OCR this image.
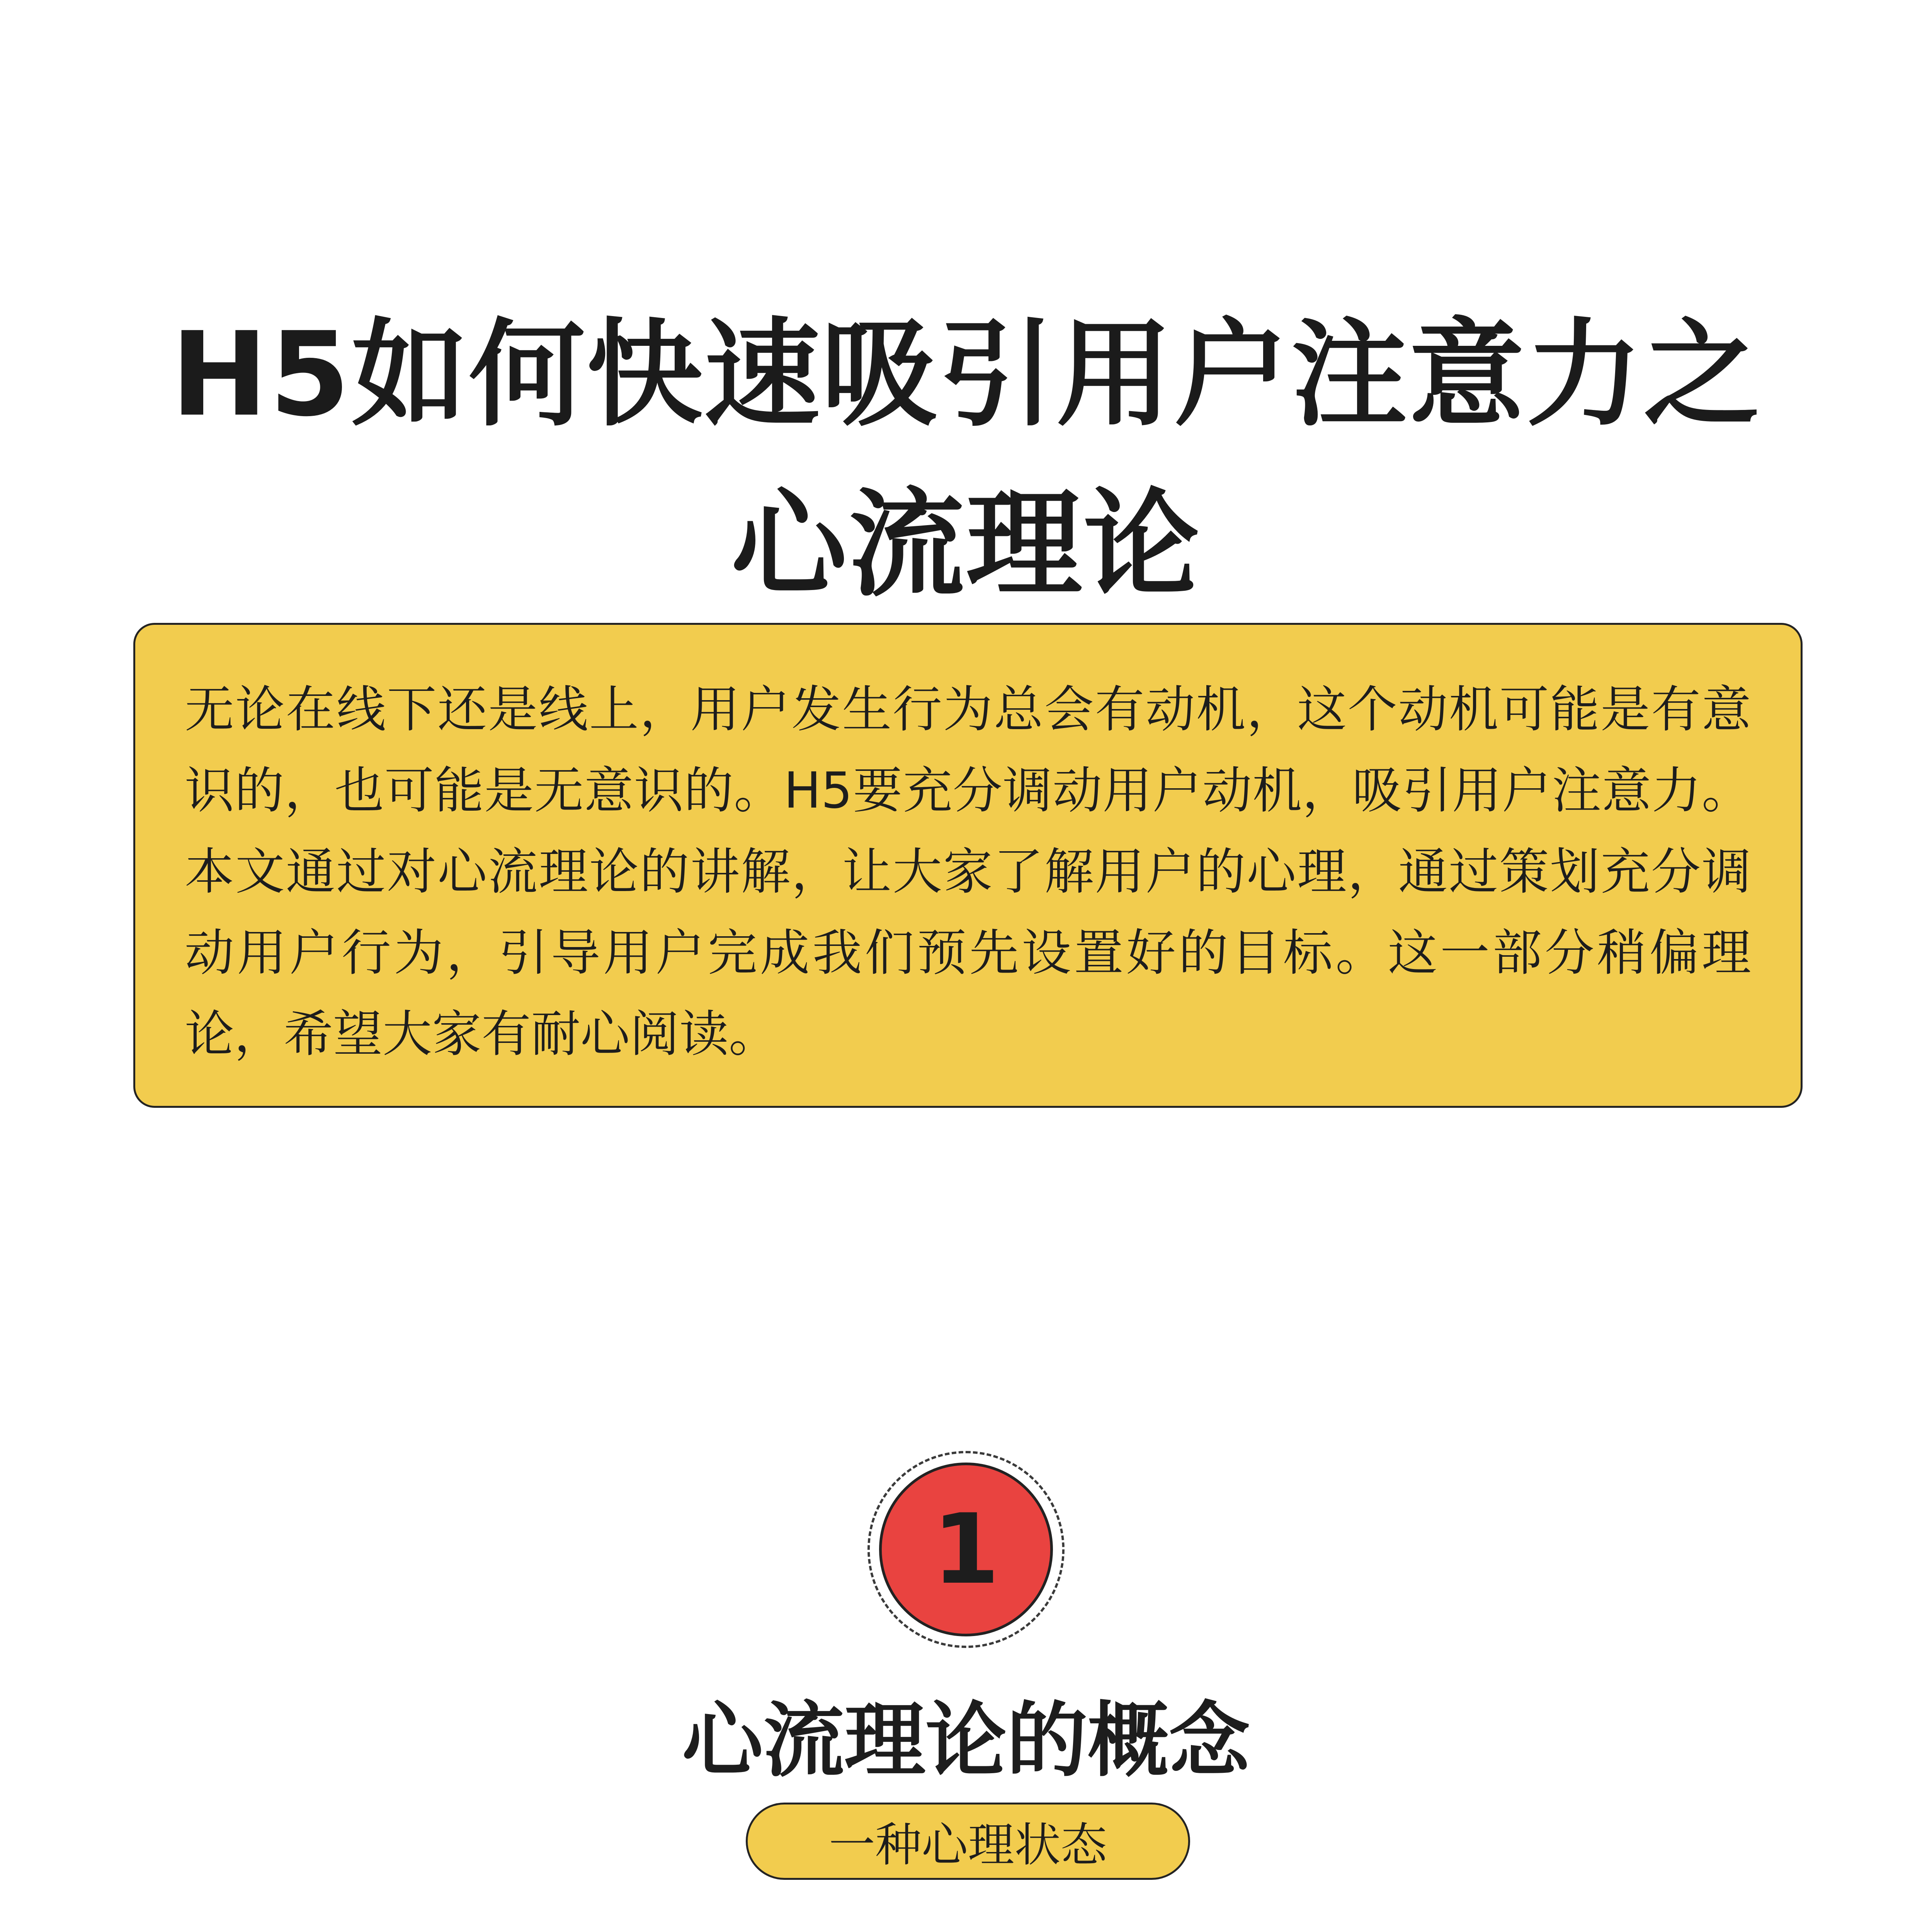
H5如何快速吸引用户注意力之
心流理论

无论在线下还是线上，用户发生行为总会有动机，这个动机可能是有意识的，也可能是无意识的。H5要充分调动用户动机，吸引用户注意力。本文通过对心流理论的讲解，让大家了解用户的心理，通过策划充分调动用户行为，引导用户完成我们预先设置好的目标。这一部分稍偏理论，希望大家有耐心阅读。

1
心流理论的概念
一种心理状态
